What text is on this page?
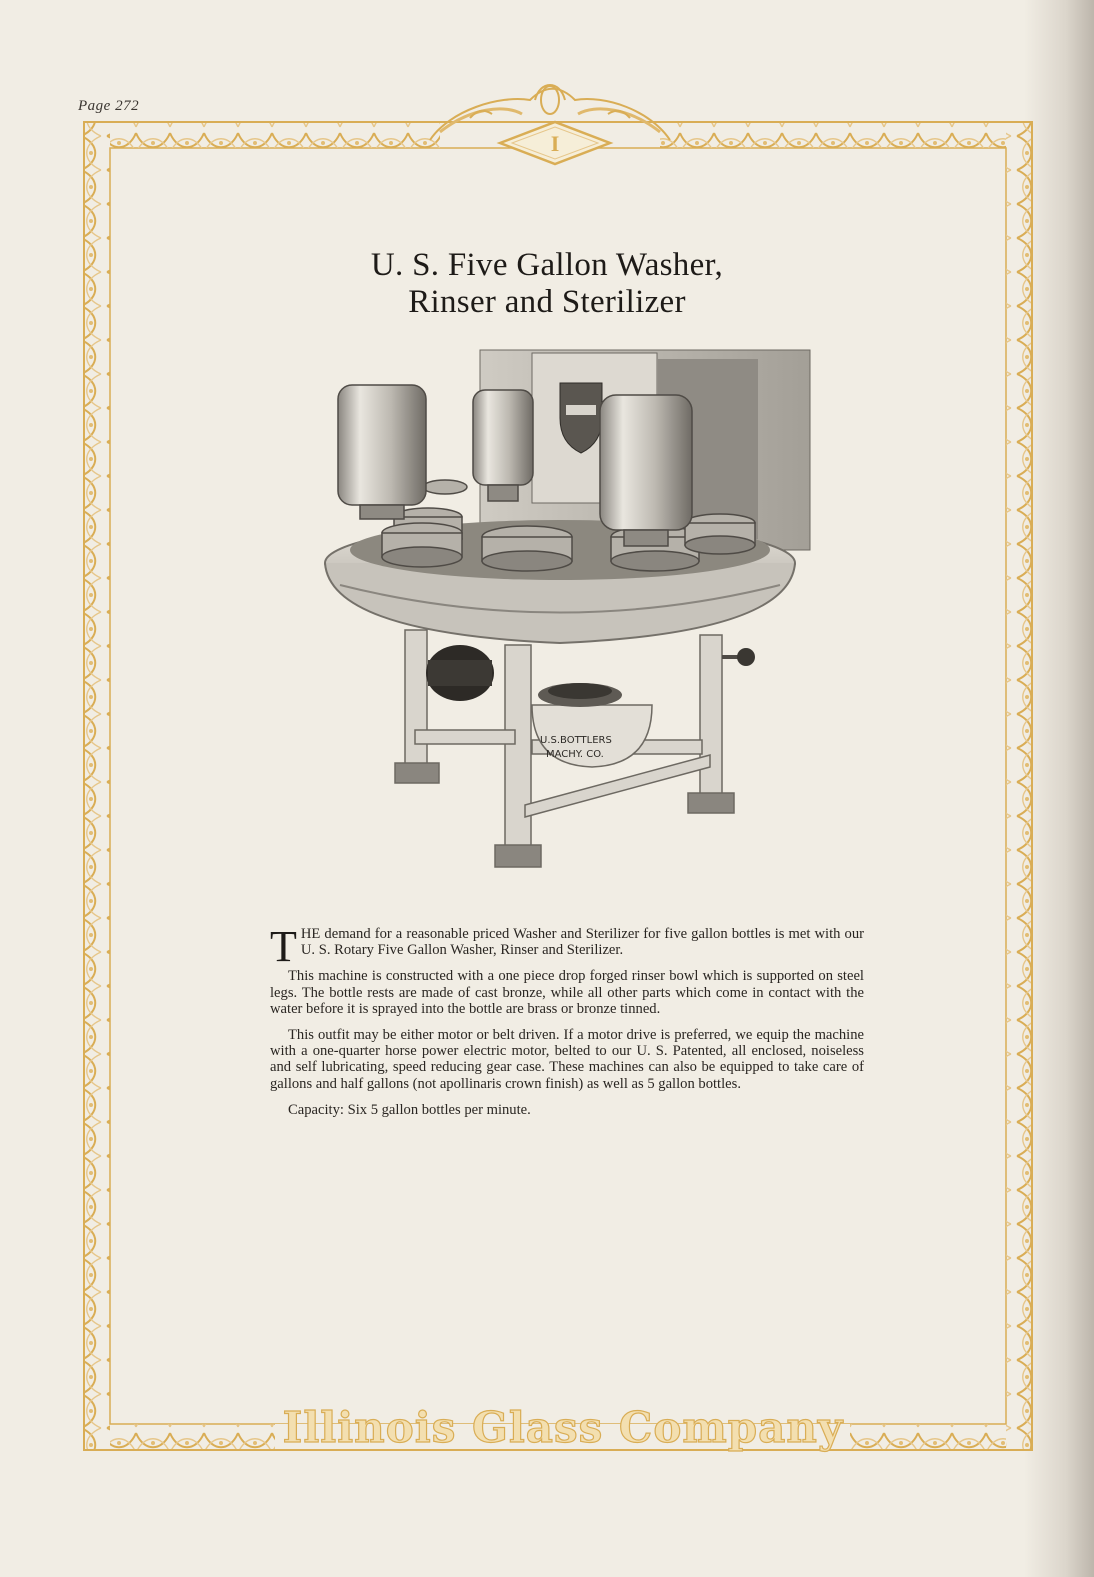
Page 272
Illinois Glass Company
I
U. S. Five Gallon Washer,
Rinser and Sterilizer
U.S.BOTTLERS
MACHY. CO.

THE demand for a reasonable priced Washer and Sterilizer for five gallon bottles is met with our U. S. Rotary Five Gallon Washer, Rinser and Sterilizer.

This machine is constructed with a one piece drop forged rinser bowl which is supported on steel legs. The bottle rests are made of cast bronze, while all other parts which come in contact with the water before it is sprayed into the bottle are brass or bronze tinned.

This outfit may be either motor or belt driven. If a motor drive is preferred, we equip the machine with a one-quarter horse power electric motor, belted to our U. S. Patented, all enclosed, noiseless and self lubricating, speed reducing gear case. These machines can also be equipped to take care of gallons and half gallons (not apollinaris crown finish) as well as 5 gallon bottles.

Capacity: Six 5 gallon bottles per minute.
